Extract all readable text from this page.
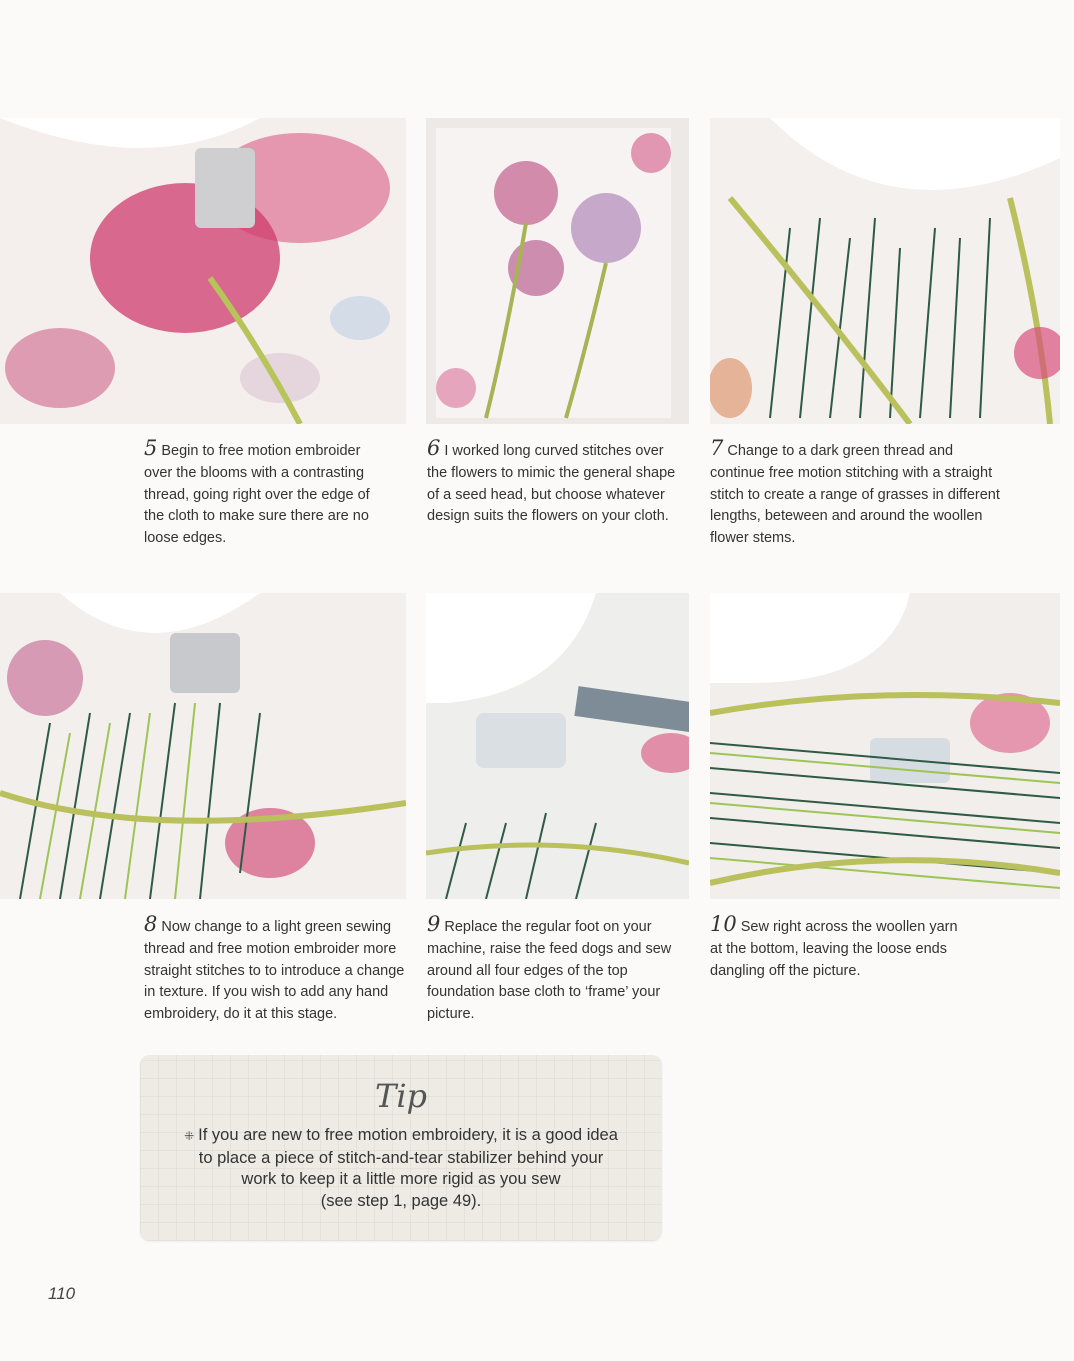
5 Begin to free motion embroider over the blooms with a contrasting thread, going right over the edge of the cloth to make sure there are no loose edges.
6 I worked long curved stitches over the flowers to mimic the general shape of a seed head, but choose whatever design suits the flowers on your cloth.
7 Change to a dark green thread and continue free motion stitching with a straight stitch to create a range of grasses in different lengths, beteween and around the woollen flower stems.
8 Now change to a light green sewing thread and free motion embroider more straight stitches to to introduce a change in texture. If you wish to add any hand embroidery, do it at this stage.
9 Replace the regular foot on your machine, raise the feed dogs and sew around all four edges of the top foundation base cloth to ‘frame’ your picture.
10 Sew right across the woollen yarn at the bottom, leaving the loose ends dangling off the picture.
Tip
⁜ If you are new to free motion embroidery, it is a good idea
to place a piece of stitch-and-tear stabilizer behind your
work to keep it a little more rigid as you sew
(see step 1, page 49).
110
